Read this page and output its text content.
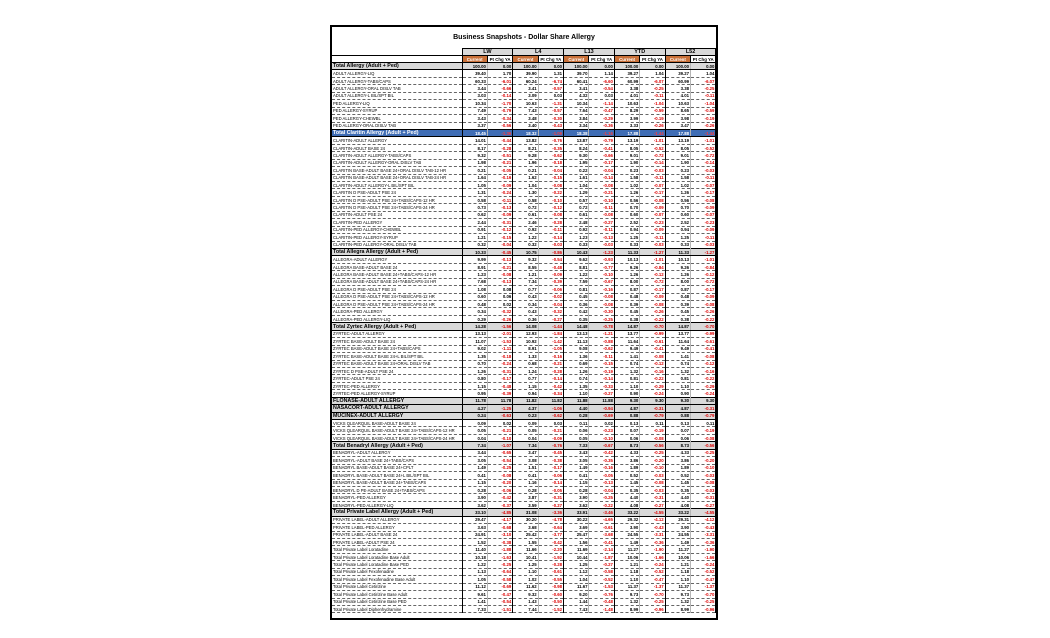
Business Snapshots - Dollar Share Allergy
	LW		L4		L13		YTD		L52	
	Current	Pt Chg YA	Current	Pt Chg YA	Current	Pt Chg YA	Current	Pt Chg YA	Current	Pt Chg YA
Total Allergy (Adult + Ped)	100.00	0.00	100.00	0.00	100.00	0.00	100.00	0.00	100.00	0.00
ADULT ALLERGY-LIQ	39.40	1.70	39.90	1.31	39.70	1.14	39.27	1.04	39.27	1.04
ADULT ALLERGY-TABS/CAPS	60.33	-6.01	60.24	-6.74	60.41	-6.60	60.99	-6.07	60.99	-6.07
ADULT ALLERGY-ORAL DISLV TAB	3.44	-0.66	3.41	-0.57	3.41	-0.54	3.38	-0.25	3.38	-0.25
ADULT ALLERGY-L BIL/SPT BIL	3.03	-0.14	3.09	0.03	4.32	0.03	4.01	-0.11	4.01	-0.11
PED ALLERGY-LIQ	10.34	-1.70	10.63	-1.31	10.34	-1.14	10.63	-1.04	10.63	-1.04
PED ALLERGY-SYRUP	7.49	-0.79	7.43	-0.57	7.64	-0.47	8.29	-0.59	8.65	-0.59
PED ALLERGY-CHEWBL	3.43	-0.34	3.48	-0.30	3.84	-0.29	3.99	-0.19	3.98	-0.19
PED ALLERGY-ORAL DISLV TAB	3.37	-0.56	3.40	-0.43	3.34	-0.36	3.33	-0.26	3.47	-0.26
Total Claritin Allergy (Adult + Ped)	18.45	-1.36	18.32	-1.09	18.38	-1.16	17.88	-1.44	17.88	-1.44
CLARITIN-ADULT ALLERGY	14.01	-0.44	13.82	-0.76	13.87	-0.79	13.19	-1.01	13.19	-1.01
CLARITIN-ADULT BASE 24	8.17	-0.28	8.21	-0.35	8.24	-0.41	8.05	-0.52	8.05	-0.52
CLARITIN-ADULT ALLERGY-TABS/CAPS	9.32	-0.51	9.28	-0.62	9.30	-0.66	9.01	-0.72	9.01	-0.72
CLARITIN-ADULT ALLERGY-ORAL DISLV TAB	1.98	-0.21	1.96	-0.18	1.95	-0.17	1.90	-0.14	1.90	-0.14
CLARITIN BASE-ADULT BASE 24+ORAL DISLV TAB-12 HR	0.21	-0.05	0.21	-0.04	0.22	-0.04	0.23	-0.03	0.23	-0.03
CLARITIN BASE-ADULT BASE 24+ORAL DISLV TAB-24 HR	1.64	-0.16	1.62	-0.15	1.61	-0.14	1.58	-0.11	1.58	-0.11
CLARITIN-ADULT ALLERGY-L BIL/SPT BIL	1.05	-0.09	1.04	-0.08	1.04	-0.08	1.02	-0.07	1.02	-0.07
CLARITIN D PSE-ADULT PSE 24	1.31	-0.24	1.30	-0.22	1.29	-0.21	1.26	-0.17	1.26	-0.17
CLARITIN D PSE-ADULT PSE 24+TABS/CAPS-12 HR	0.58	-0.11	0.58	-0.10	0.57	-0.10	0.56	-0.08	0.56	-0.08
CLARITIN D PSE-ADULT PSE 24+TABS/CAPS-24 HR	0.73	-0.13	0.72	-0.12	0.72	-0.11	0.70	-0.09	0.70	-0.09
CLARITIN-ADULT PSE 24	0.62	-0.09	0.61	-0.08	0.61	-0.08	0.60	-0.07	0.60	-0.07
CLARITIN-PED ALLERGY	2.44	-0.31	2.46	-0.28	2.48	-0.27	2.52	-0.23	2.52	-0.23
CLARITIN-PED ALLERGY-CHEWBL	0.91	-0.12	0.92	-0.11	0.92	-0.11	0.94	-0.09	0.94	-0.09
CLARITIN-PED ALLERGY-SYRUP	1.21	-0.15	1.22	-0.14	1.23	-0.13	1.25	-0.11	1.25	-0.11
CLARITIN-PED ALLERGY-ORAL DISLV TAB	0.32	-0.04	0.32	-0.03	0.33	-0.03	0.33	-0.03	0.33	-0.03
Total Allegra Allergy (Adult + Ped)	10.33	-0.45	10.75	-0.86	10.43	-1.23	11.33	-1.27	11.33	-1.27
ALLEGRA-ADULT ALLERGY	9.99	-0.13	9.32	-0.54	9.62	-0.93	10.13	-1.01	10.13	-1.01
ALLEGRA BASE-ADULT BASE 24	8.91	-0.21	8.55	-0.48	8.81	-0.77	9.26	-0.84	9.26	-0.84
ALLEGRA BASE-ADULT BASE 24+TABS/CAPS-12 HR	1.23	-0.08	1.21	-0.09	1.22	-0.10	1.26	-0.12	1.26	-0.12
ALLEGRA BASE-ADULT BASE 24+TABS/CAPS-24 HR	7.68	-0.13	7.34	-0.39	7.59	-0.67	8.00	-0.72	8.00	-0.72
ALLEGRA D PSE-ADULT PSE 24	1.08	0.08	0.77	-0.06	0.81	-0.16	0.87	-0.17	0.87	-0.17
ALLEGRA D PSE-ADULT PSE 24+TABS/CAPS-12 HR	0.60	0.06	0.43	-0.02	0.45	-0.08	0.48	-0.09	0.48	-0.09
ALLEGRA D PSE-ADULT PSE 24+TABS/CAPS-24 HR	0.48	0.02	0.34	-0.04	0.36	-0.08	0.39	-0.08	0.39	-0.08
ALLEGRA-PED ALLERGY	0.34	-0.32	0.43	-0.32	0.42	-0.30	0.45	-0.26	0.45	-0.26
ALLEGRA-PED ALLERGY-LIQ	0.29	-0.26	0.36	-0.27	0.35	-0.25	0.38	-0.22	0.38	-0.22
Total Zyrtec Allergy (Adult + Ped)	14.28	-1.56	14.08	-1.44	14.48	-0.78	14.87	-0.70	14.87	-0.70
ZYRTEC-ADULT ALLERGY	13.13	-2.01	12.93	-1.84	13.13	-1.21	13.77	-0.99	13.77	-0.99
ZYRTEC BASE-ADULT BASE 24	11.07	-1.53	10.92	-1.42	11.13	-0.88	11.64	-0.61	11.64	-0.61
ZYRTEC BASE-ADULT BASE 24+TABS/CAPS	9.02	-1.11	8.91	-1.05	9.08	-0.62	9.49	-0.41	9.49	-0.41
ZYRTEC BASE-ADULT BASE 24+L BIL/SPT BIL	1.35	-0.18	1.33	-0.16	1.36	-0.11	1.41	-0.08	1.41	-0.08
ZYRTEC BASE-ADULT BASE 24+ORAL DISLV TAB	0.70	-0.24	0.68	-0.21	0.69	-0.15	0.74	-0.12	0.74	-0.12
ZYRTEC D PSE-ADULT PSE 24	1.26	-0.31	1.24	-0.28	1.26	-0.19	1.32	-0.16	1.32	-0.16
ZYRTEC-ADULT PSE 24	0.80	-0.17	0.77	-0.14	0.74	-0.14	0.81	-0.22	0.81	-0.22
ZYRTEC-PED ALLERGY	1.15	-0.48	1.15	-0.42	1.35	-0.33	1.10	-0.29	1.10	-0.29
ZYRTEC-PED ALLERGY-SYRUP	0.95	-0.39	0.94	-0.34	1.10	-0.27	0.90	-0.24	0.90	-0.24
FLONASE-ADULT ALLERGY	11.78	11.78	11.82	11.82	11.88	11.88	9.30	9.30	9.30	9.30
NASACORT-ADULT ALLERGY	4.27	-1.25	4.37	-1.06	4.40	-0.94	4.87	-0.31	4.87	-0.31
MUCINEX-ADULT ALLERGY	0.24	-0.63	0.23	-0.62	0.28	-0.69	0.88	-0.79	0.88	-0.79
VICKS QLEARQUIL BASE-ADULT BASE 24	0.09	0.02	0.09	0.03	0.11	0.02	0.13	0.11	0.13	0.11
VICKS QLEARQUIL BASE-ADULT BASE 24+TABS/CAPS-12 HR	0.05	-0.21	0.05	-0.21	0.06	-0.23	0.07	-0.19	0.07	-0.19
VICKS QLEARQUIL BASE-ADULT BASE 24+TABS/CAPS-24 HR	0.04	-0.10	0.04	-0.09	0.05	-0.10	0.06	-0.08	0.06	-0.08
Total Benadryl Allergy (Adult + Ped)	7.34	-1.07	7.34	-0.76	7.33	-0.67	8.73	-0.56	8.73	-0.56
BENADRYL-ADULT ALLERGY	3.44	-0.65	3.47	-0.45	3.43	-0.42	4.33	-0.25	4.33	-0.25
BENADRYL-ADULT BASE 24+TABS/CAPS	3.05	-0.54	3.08	-0.38	3.05	-0.35	3.86	-0.20	3.86	-0.20
BENADRYL BASE-ADULT BASE 24+CPLT	1.49	-0.25	1.51	-0.17	1.49	-0.16	1.89	-0.10	1.89	-0.10
BENADRYL BASE-ADULT BASE 24+L BIL/SPT BIL	0.41	-0.08	0.41	-0.06	0.41	-0.05	0.52	-0.03	0.52	-0.03
BENADRYL BASE-ADULT BASE 24+TABS/CAPS	1.15	-0.20	1.16	-0.14	1.15	-0.13	1.45	-0.08	1.45	-0.08
BENADRYL D PE-ADULT BASE 24+TABS/CAPS	0.28	-0.06	0.28	-0.05	0.28	-0.04	0.35	-0.03	0.35	-0.03
BENADRYL-PED ALLERGY	3.90	-0.42	3.87	-0.31	3.90	-0.25	4.40	-0.31	4.40	-0.31
BENADRYL-PED ALLERGY-LIQ	3.62	-0.37	3.59	-0.27	3.62	-0.22	4.08	-0.27	4.08	-0.27
Total Private Label Allergy (Adult + Ped)	33.10	-4.85	31.08	-3.36	33.91	-3.46	33.22	-4.55	33.22	-4.55
PRIVATE LABEL-ADULT ALLERGY	29.47	-4.17	30.20	-4.78	30.22	-4.65	29.32	-4.12	29.31	-4.12
PRIVATE LABEL-PED ALLERGY	3.63	-0.68	3.68	-0.64	3.69	-0.61	3.90	-0.43	3.90	-0.43
PRIVATE LABEL-ADULT BASE 24	24.91	-3.10	25.42	-3.77	25.47	-3.68	24.55	-3.31	24.55	-3.31
PRIVATE LABEL-ADULT PSE 24	1.52	-0.38	1.55	-0.42	1.56	-0.41	1.49	-0.36	1.49	-0.36
Total Private Label Loratadine	11.40	-1.88	11.66	-2.20	11.69	-2.14	11.27	-1.90	11.27	-1.90
Total Private Label Loratadine Base Adult	10.18	-1.63	10.41	-1.92	10.44	-1.87	10.06	-1.66	10.06	-1.66
Total Private Label Loratadine Base PED	1.22	-0.25	1.25	-0.28	1.25	-0.27	1.21	-0.24	1.21	-0.24
Total Private Label Fexofenadine	1.13	-0.64	1.10	-0.61	1.12	-0.58	1.18	-0.52	1.18	-0.52
Total Private Label Fexofenadine Base Adult	1.05	-0.58	1.02	-0.55	1.04	-0.52	1.10	-0.47	1.10	-0.47
Total Private Label Cetirizine	11.12	-0.69	11.62	-0.98	11.67	-1.53	11.37	-1.37	11.37	-1.37
Total Private Label Cetirizine Base Adult	9.61	-0.47	9.32	-0.60	9.20	-0.76	9.73	-0.70	9.73	-0.70
Total Private Label Cetirizine Base PED	1.41	-0.54	1.43	-0.50	1.44	-0.48	1.32	-0.25	1.32	-0.25
Total Private Label Diphenhydramine	7.33	-1.51	7.44	-1.52	7.43	-1.48	8.99	-0.96	8.99	-0.96
